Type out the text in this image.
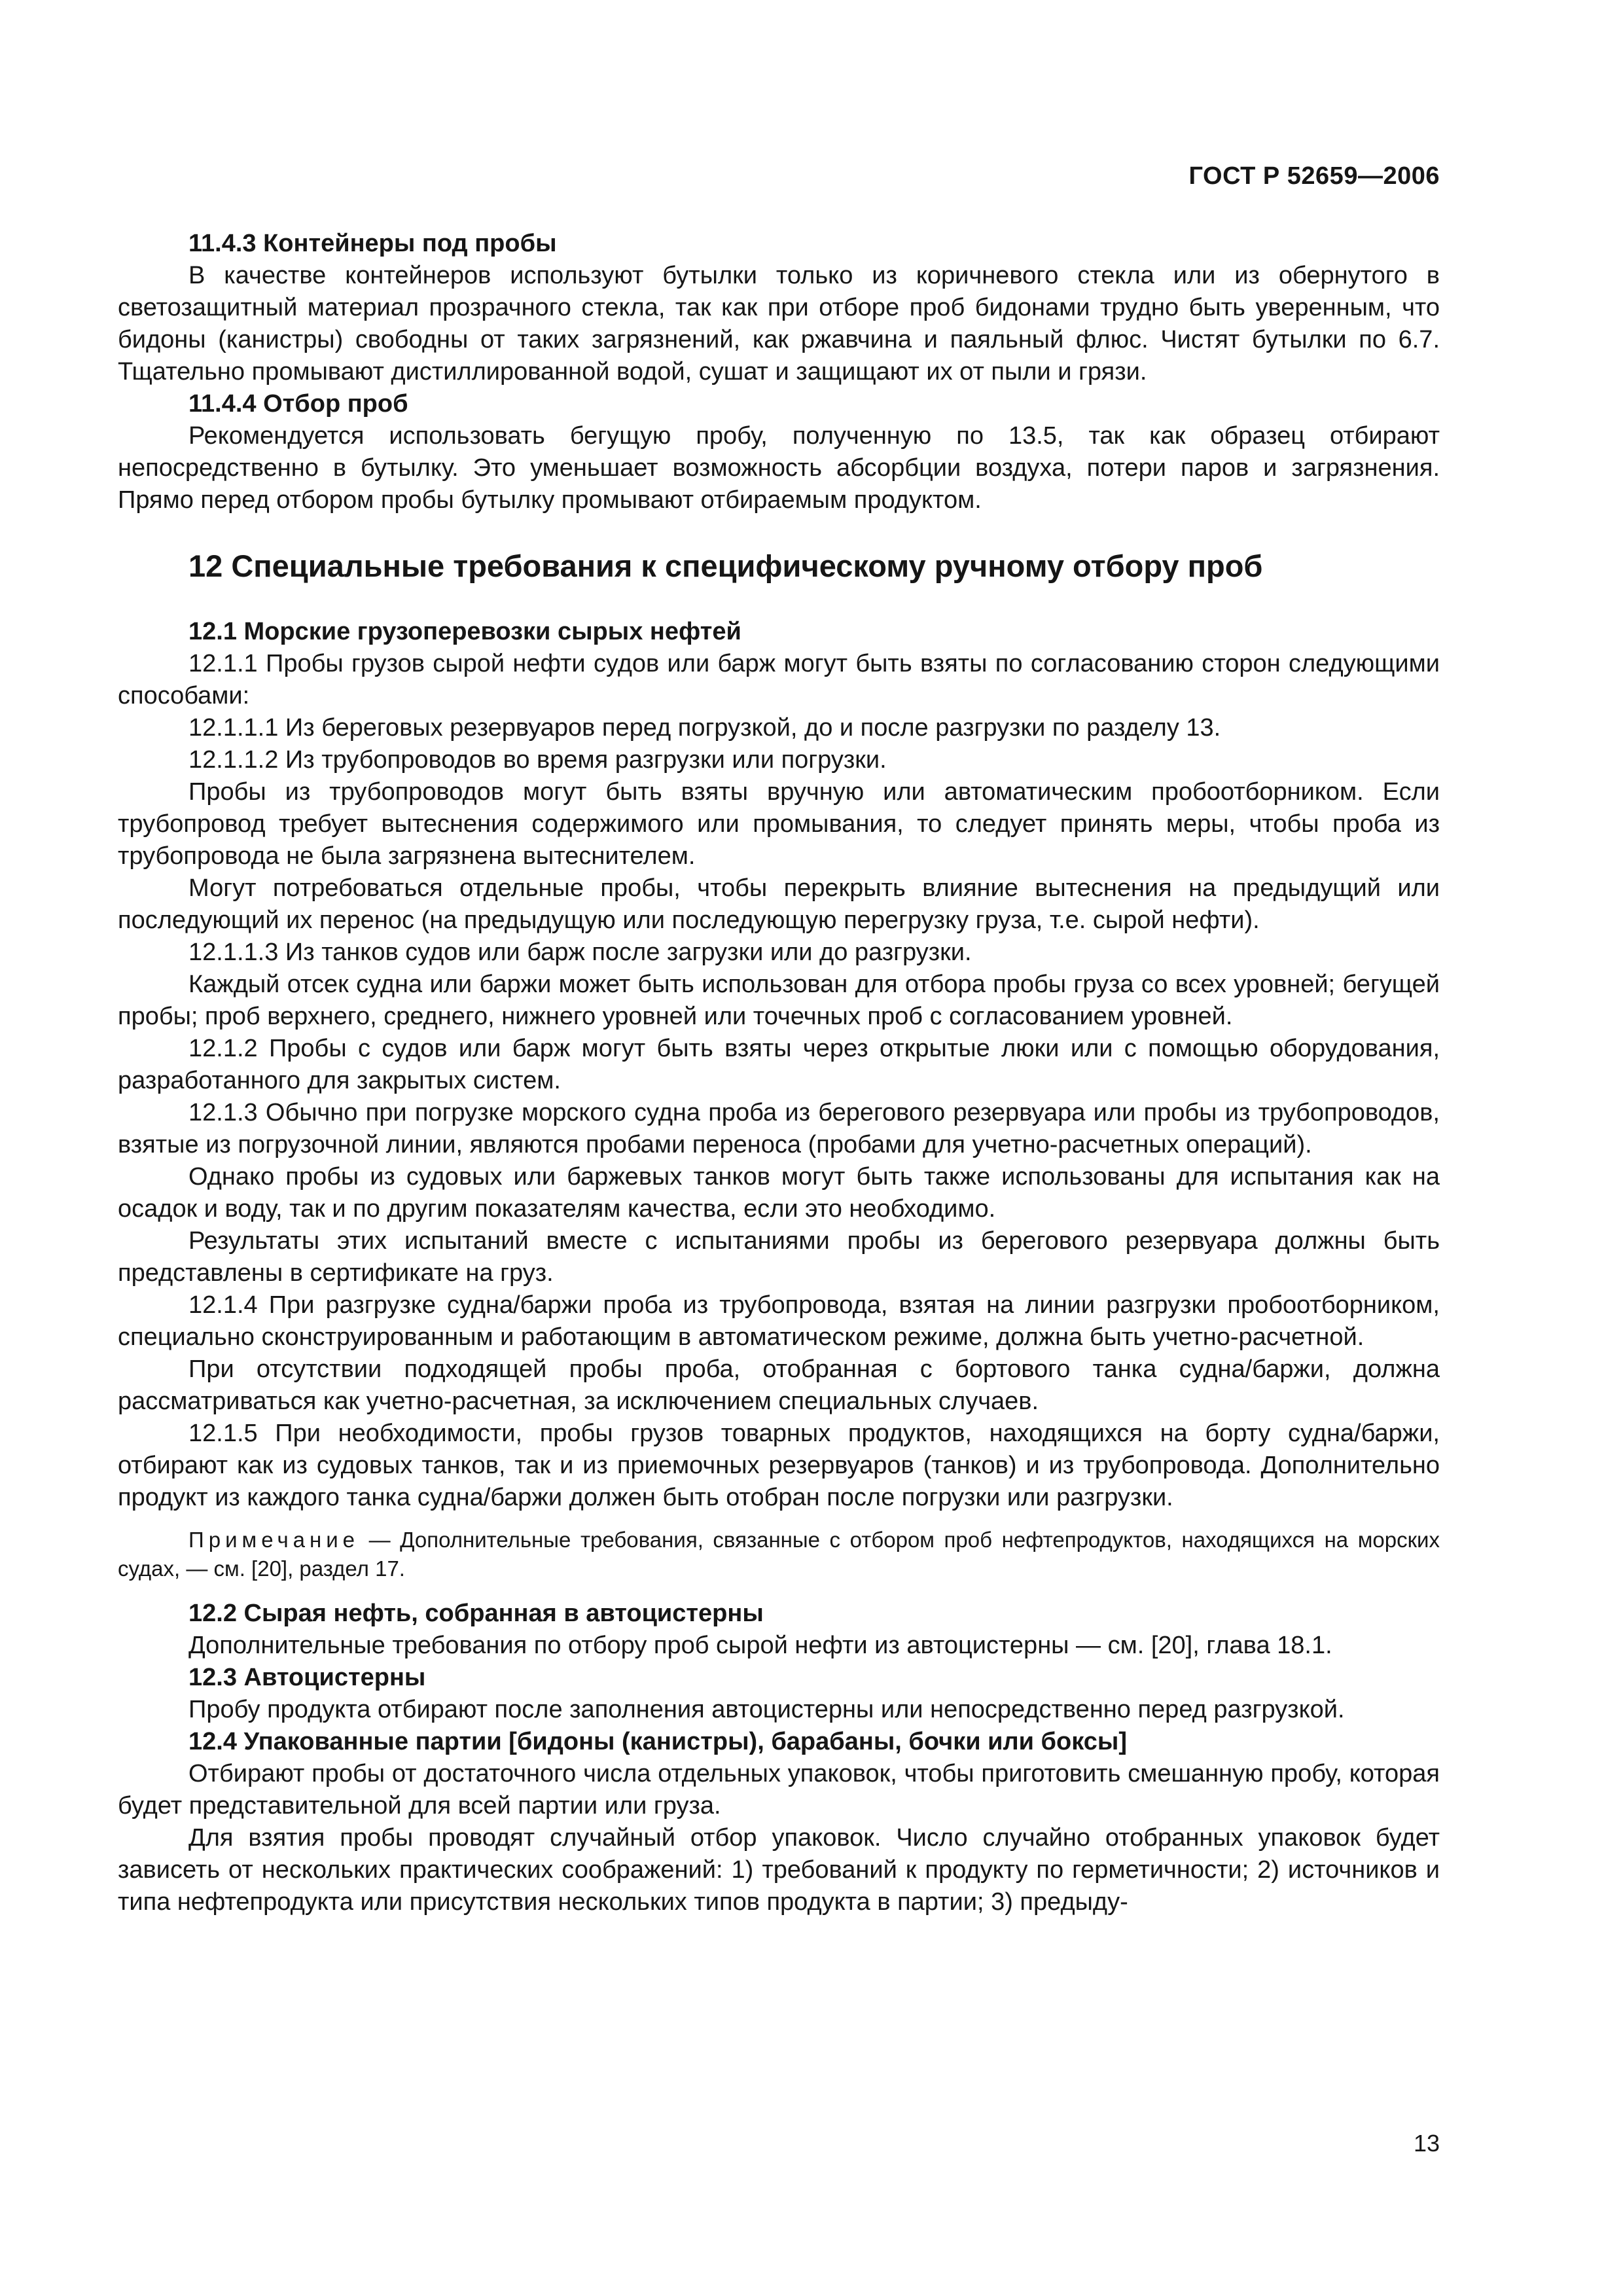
ГОСТ Р 52659—2006

11.4.3 Контейнеры под пробы

В качестве контейнеров используют бутылки только из коричневого стекла или из обернутого в светозащитный материал прозрачного стекла, так как при отборе проб бидонами трудно быть уверенным, что бидоны (канистры) свободны от таких загрязнений, как ржавчина и паяльный флюс. Чистят бутылки по 6.7. Тщательно промывают дистиллированной водой, сушат и защищают их от пыли и грязи.

11.4.4 Отбор проб

Рекомендуется использовать бегущую пробу, полученную по 13.5, так как образец отбирают непосредственно в бутылку. Это уменьшает возможность абсорбции воздуха, потери паров и загрязнения. Прямо перед отбором пробы бутылку промывают отбираемым продуктом.

12 Специальные требования к специфическому ручному отбору проб

12.1 Морские грузоперевозки сырых нефтей

12.1.1 Пробы грузов сырой нефти судов или барж могут быть взяты по согласованию сторон следующими способами:

12.1.1.1 Из береговых резервуаров перед погрузкой, до и после разгрузки по разделу 13.

12.1.1.2 Из трубопроводов во время разгрузки или погрузки.

Пробы из трубопроводов могут быть взяты вручную или автоматическим пробоотборником. Если трубопровод требует вытеснения содержимого или промывания, то следует принять меры, чтобы проба из трубопровода не была загрязнена вытеснителем.

Могут потребоваться отдельные пробы, чтобы перекрыть влияние вытеснения на предыдущий или последующий их перенос (на предыдущую или последующую перегрузку груза, т.е. сырой нефти).

12.1.1.3 Из танков судов или барж после загрузки или до разгрузки.

Каждый отсек судна или баржи может быть использован для отбора пробы груза со всех уровней; бегущей пробы; проб верхнего, среднего, нижнего уровней или точечных проб с согласованием уровней.

12.1.2 Пробы с судов или барж могут быть взяты через открытые люки или с помощью оборудования, разработанного для закрытых систем.

12.1.3 Обычно при погрузке морского судна проба из берегового резервуара или пробы из трубопроводов, взятые из погрузочной линии, являются пробами переноса (пробами для учетно-расчетных операций).

Однако пробы из судовых или баржевых танков могут быть также использованы для испытания как на осадок и воду, так и по другим показателям качества, если это необходимо.

Результаты этих испытаний вместе с испытаниями пробы из берегового резервуара должны быть представлены в сертификате на груз.

12.1.4 При разгрузке судна/баржи проба из трубопровода, взятая на линии разгрузки пробоотборником, специально сконструированным и работающим в автоматическом режиме, должна быть учетно-расчетной.

При отсутствии подходящей пробы проба, отобранная с бортового танка судна/баржи, должна рассматриваться как учетно-расчетная, за исключением специальных случаев.

12.1.5 При необходимости, пробы грузов товарных продуктов, находящихся на борту судна/баржи, отбирают как из судовых танков, так и из приемочных резервуаров (танков) и из трубопровода. Дополнительно продукт из каждого танка судна/баржи должен быть отобран после погрузки или разгрузки.

Примечание — Дополнительные требования, связанные с отбором проб нефтепродуктов, находящихся на морских судах, — см. [20], раздел 17.

12.2 Сырая нефть, собранная в автоцистерны

Дополнительные требования по отбору проб сырой нефти из автоцистерны — см. [20], глава 18.1.

12.3 Автоцистерны

Пробу продукта отбирают после заполнения автоцистерны или непосредственно перед разгрузкой.

12.4 Упакованные партии [бидоны (канистры), барабаны, бочки или боксы]

Отбирают пробы от достаточного числа отдельных упаковок, чтобы приготовить смешанную пробу, которая будет представительной для всей партии или груза.

Для взятия пробы проводят случайный отбор упаковок. Число случайно отобранных упаковок будет зависеть от нескольких практических соображений: 1) требований к продукту по герметичности; 2) источников и типа нефтепродукта или присутствия нескольких типов продукта в партии; 3) предыду-

13
